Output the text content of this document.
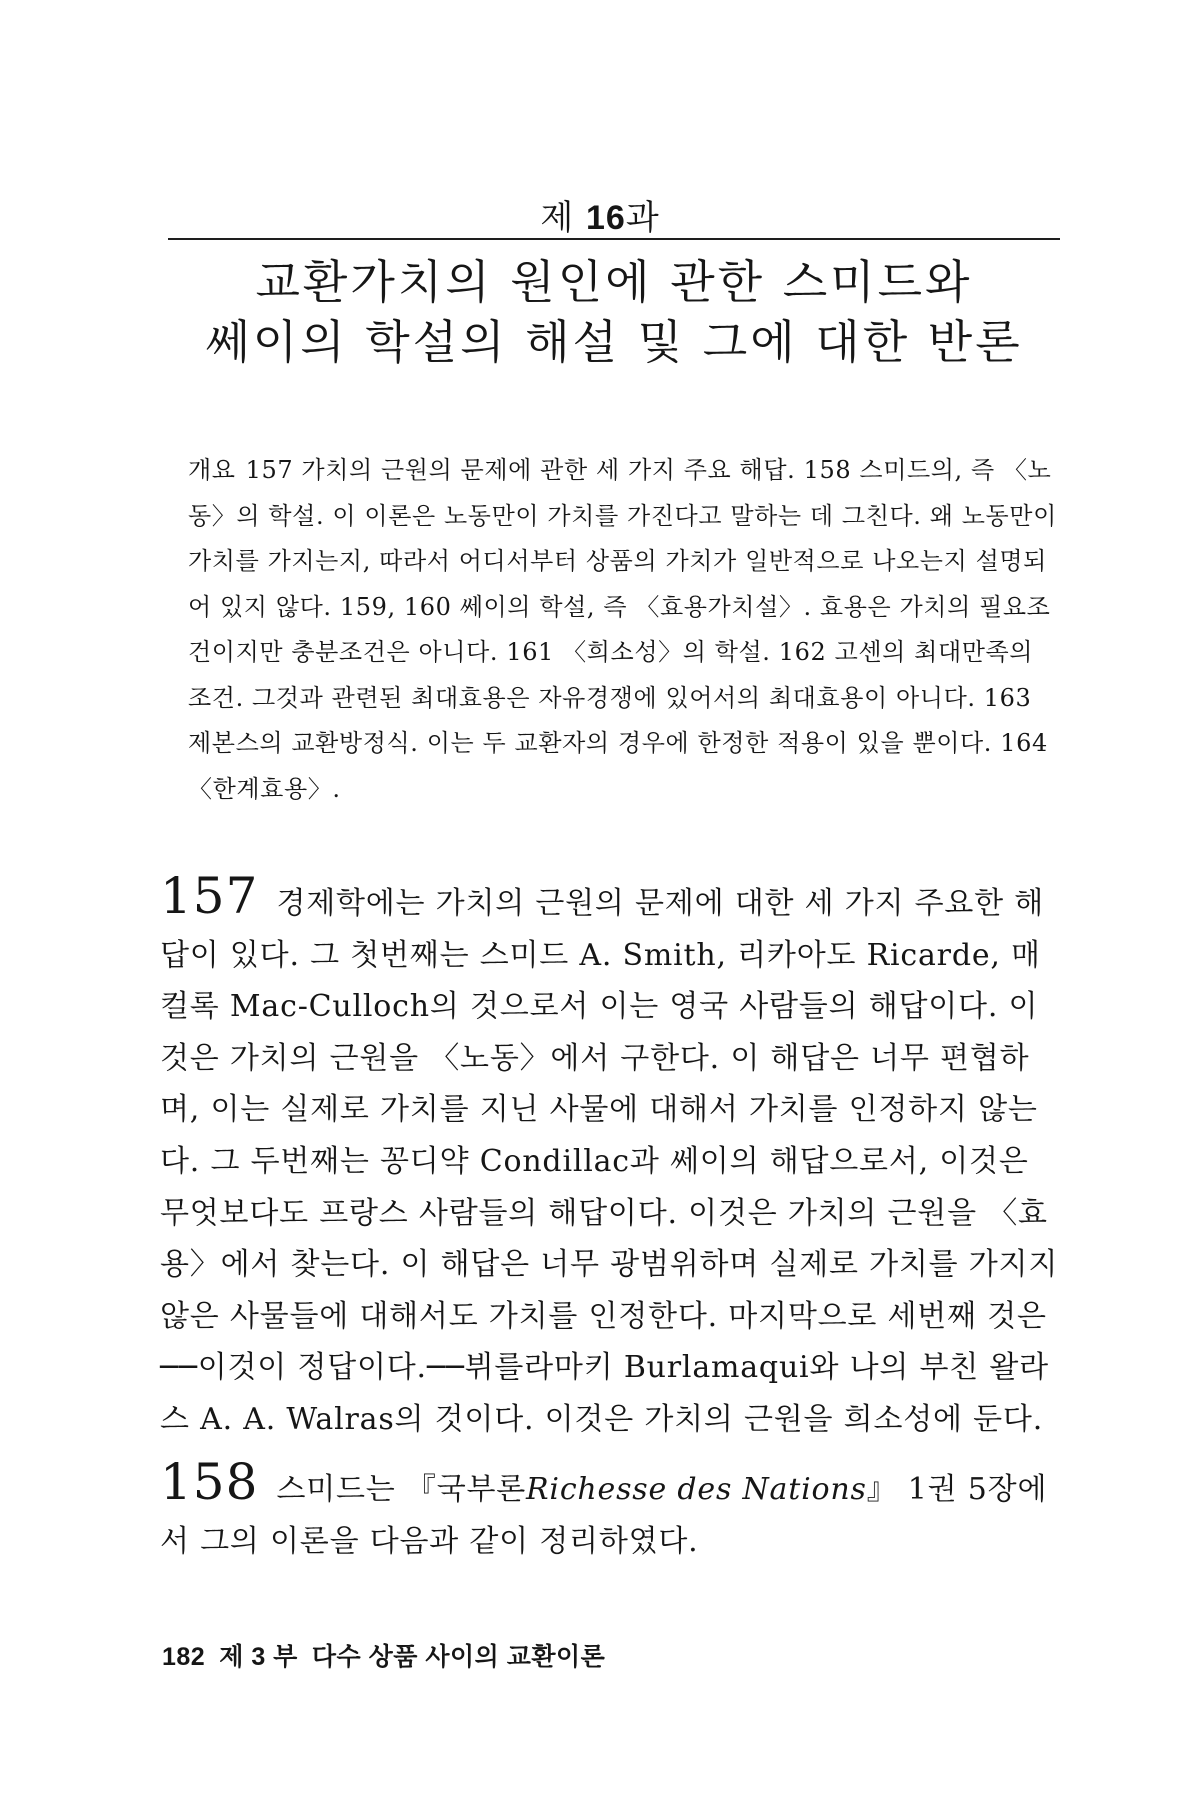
제 16과
교환가치의 원인에 관한 스미드와
쎄이의 학설의 해설 및 그에 대한 반론
개요 157 가치의 근원의 문제에 관한 세 가지 주요 해답. 158 스미드의, 즉 〈노동〉의 학설. 이 이론은 노동만이 가치를 가진다고 말하는 데 그친다. 왜 노동만이 가치를 가지는지, 따라서 어디서부터 상품의 가치가 일반적으로 나오는지 설명되어 있지 않다. 159, 160 쎄이의 학설, 즉 〈효용가치설〉. 효용은 가치의 필요조건이지만 충분조건은 아니다. 161 〈희소성〉의 학설. 162 고센의 최대만족의 조건. 그것과 관련된 최대효용은 자유경쟁에 있어서의 최대효용이 아니다. 163 제본스의 교환방정식. 이는 두 교환자의 경우에 한정한 적용이 있을 뿐이다. 164 〈한계효용〉.
157 경제학에는 가치의 근원의 문제에 대한 세 가지 주요한 해답이 있다. 그 첫번째는 스미드 A. Smith, 리카아도 Ricarde, 매컬록 Mac-Culloch의 것으로서 이는 영국 사람들의 해답이다. 이것은 가치의 근원을 〈노동〉에서 구한다. 이 해답은 너무 편협하며, 이는 실제로 가치를 지닌 사물에 대해서 가치를 인정하지 않는다. 그 두번째는 꽁디약 Condillac과 쎄이의 해답으로서, 이것은 무엇보다도 프랑스 사람들의 해답이다. 이것은 가치의 근원을 〈효용〉에서 찾는다. 이 해답은 너무 광범위하며 실제로 가치를 가지지 않은 사물들에 대해서도 가치를 인정한다. 마지막으로 세번째 것은──이것이 정답이다.──뷔를라마키 Burlamaqui와 나의 부친 왈라스 A. A. Walras의 것이다. 이것은 가치의 근원을 희소성에 둔다.
158 스미드는 『국부론Richesse des Nations』 1권 5장에서 그의 이론을 다음과 같이 정리하였다.
182 제 3 부 다수 상품 사이의 교환이론
